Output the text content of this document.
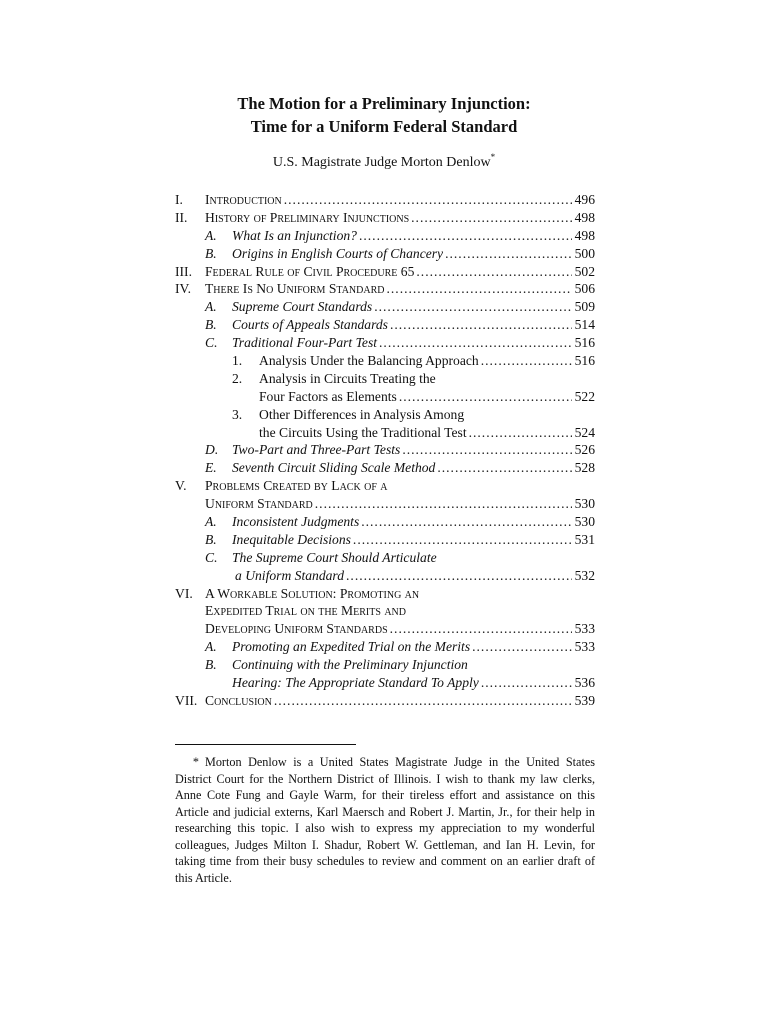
The Motion for a Preliminary Injunction:
Time for a Uniform Federal Standard
U.S. Magistrate Judge Morton Denlow*
I. Introduction .....	496
II. History of Preliminary Injunctions .....	498
A. What Is an Injunction? .....	498
B. Origins in English Courts of Chancery .....	500
III. Federal Rule of Civil Procedure 65 .....	502
IV. There Is No Uniform Standard .....	506
A. Supreme Court Standards .....	509
B. Courts of Appeals Standards .....	514
C. Traditional Four-Part Test .....	516
1. Analysis Under the Balancing Approach .....	516
2. Analysis in Circuits Treating the
Four Factors as Elements .....	522
3. Other Differences in Analysis Among
the Circuits Using the Traditional Test .....	524
D. Two-Part and Three-Part Tests .....	526
E. Seventh Circuit Sliding Scale Method .....	528
V. Problems Created by Lack of a
Uniform Standard .....	530
A. Inconsistent Judgments .....	530
B. Inequitable Decisions .....	531
C. The Supreme Court Should Articulate
a Uniform Standard .....	532
VI. A Workable Solution: Promoting an
Expedited Trial on the Merits and
Developing Uniform Standards .....	533
A. Promoting an Expedited Trial on the Merits .....	533
B. Continuing with the Preliminary Injunction
Hearing: The Appropriate Standard To Apply .....	536
VII. Conclusion .....	539
* Morton Denlow is a United States Magistrate Judge in the United States District Court for the Northern District of Illinois. I wish to thank my law clerks, Anne Cote Fung and Gayle Warm, for their tireless effort and assistance on this Article and judicial externs, Karl Maersch and Robert J. Martin, Jr., for their help in researching this topic. I also wish to express my appreciation to my wonderful colleagues, Judges Milton I. Shadur, Robert W. Gettleman, and Ian H. Levin, for taking time from their busy schedules to review and comment on an earlier draft of this Article.
